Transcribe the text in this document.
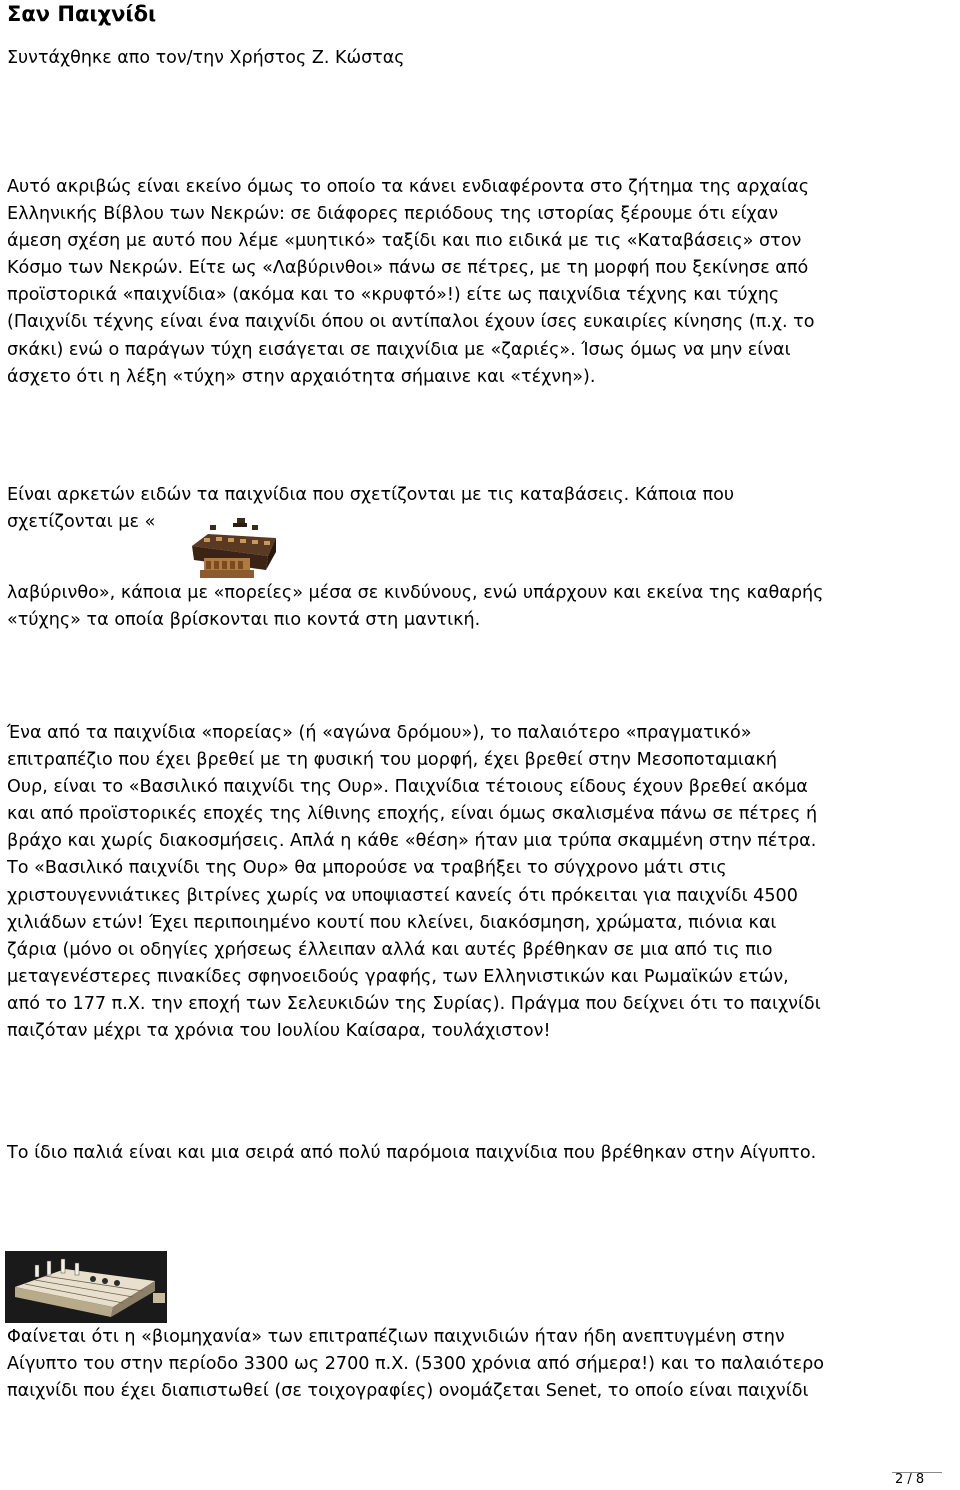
Σαν Παιχνίδι
Συντάχθηκε απο τον/την Χρήστος Ζ. Κώστας
Αυτό ακριβώς είναι εκείνο όμως το οποίο τα κάνει ενδιαφέροντα στο ζήτημα της αρχαίας
Ελληνικής Βίβλου των Νεκρών: σε διάφορες περιόδους της ιστορίας ξέρουμε ότι είχαν
άμεση σχέση με αυτό που λέμε «μυητικό» ταξίδι και πιο ειδικά με τις «Καταβάσεις» στον
Κόσμο των Νεκρών. Είτε ως «Λαβύρινθοι» πάνω σε πέτρες, με τη μορφή που ξεκίνησε από
προϊστορικά «παιχνίδια» (ακόμα και το «κρυφτό»!) είτε ως παιχνίδια τέχνης και τύχης
(Παιχνίδι τέχνης είναι ένα παιχνίδι όπου οι αντίπαλοι έχουν ίσες ευκαιρίες κίνησης (π.χ. το
σκάκι) ενώ ο παράγων τύχη εισάγεται σε παιχνίδια με «ζαριές». Ίσως όμως να μην είναι
άσχετο ότι η λέξη «τύχη» στην αρχαιότητα σήμαινε και «τέχνη»).
Είναι αρκετών ειδών τα παιχνίδια που σχετίζονται με τις καταβάσεις. Κάποια που
σχετίζονται με «
λαβύρινθο», κάποια με «πορείες» μέσα σε κινδύνους, ενώ υπάρχουν και εκείνα της καθαρής
«τύχης» τα οποία βρίσκονται πιο κοντά στη μαντική.
Ένα από τα παιχνίδια «πορείας» (ή «αγώνα δρόμου»), το παλαιότερο «πραγματικό»
επιτραπέζιο που έχει βρεθεί με τη φυσική του μορφή, έχει βρεθεί στην Μεσοποταμιακή
Ουρ, είναι το «Βασιλικό παιχνίδι της Ουρ». Παιχνίδια τέτοιους είδους έχουν βρεθεί ακόμα
και από προϊστορικές εποχές της λίθινης εποχής, είναι όμως σκαλισμένα πάνω σε πέτρες ή
βράχο και χωρίς διακοσμήσεις. Απλά η κάθε «θέση» ήταν μια τρύπα σκαμμένη στην πέτρα.
Το «Βασιλικό παιχνίδι της Ουρ» θα μπορούσε να τραβήξει το σύγχρονο μάτι στις
χριστουγεννιάτικες βιτρίνες χωρίς να υποψιαστεί κανείς ότι πρόκειται για παιχνίδι 4500
χιλιάδων ετών! Έχει περιποιημένο κουτί που κλείνει, διακόσμηση, χρώματα, πιόνια και
ζάρια (μόνο οι οδηγίες χρήσεως έλλειπαν αλλά και αυτές βρέθηκαν σε μια από τις πιο
μεταγενέστερες πινακίδες σφηνοειδούς γραφής, των Ελληνιστικών και Ρωμαϊκών ετών,
από το 177 π.Χ. την εποχή των Σελευκιδών της Συρίας). Πράγμα που δείχνει ότι το παιχνίδι
παιζόταν μέχρι τα χρόνια του Ιουλίου Καίσαρα, τουλάχιστον!
Το ίδιο παλιά είναι και μια σειρά από πολύ παρόμοια παιχνίδια που βρέθηκαν στην Αίγυπτο.
Φαίνεται ότι η «βιομηχανία» των επιτραπέζιων παιχνιδιών ήταν ήδη ανεπτυγμένη στην
Αίγυπτο του στην περίοδο 3300 ως 2700 π.Χ. (5300 χρόνια από σήμερα!) και το παλαιότερο
παιχνίδι που έχει διαπιστωθεί (σε τοιχογραφίες) ονομάζεται Senet, το οποίο είναι παιχνίδι
2 / 8
